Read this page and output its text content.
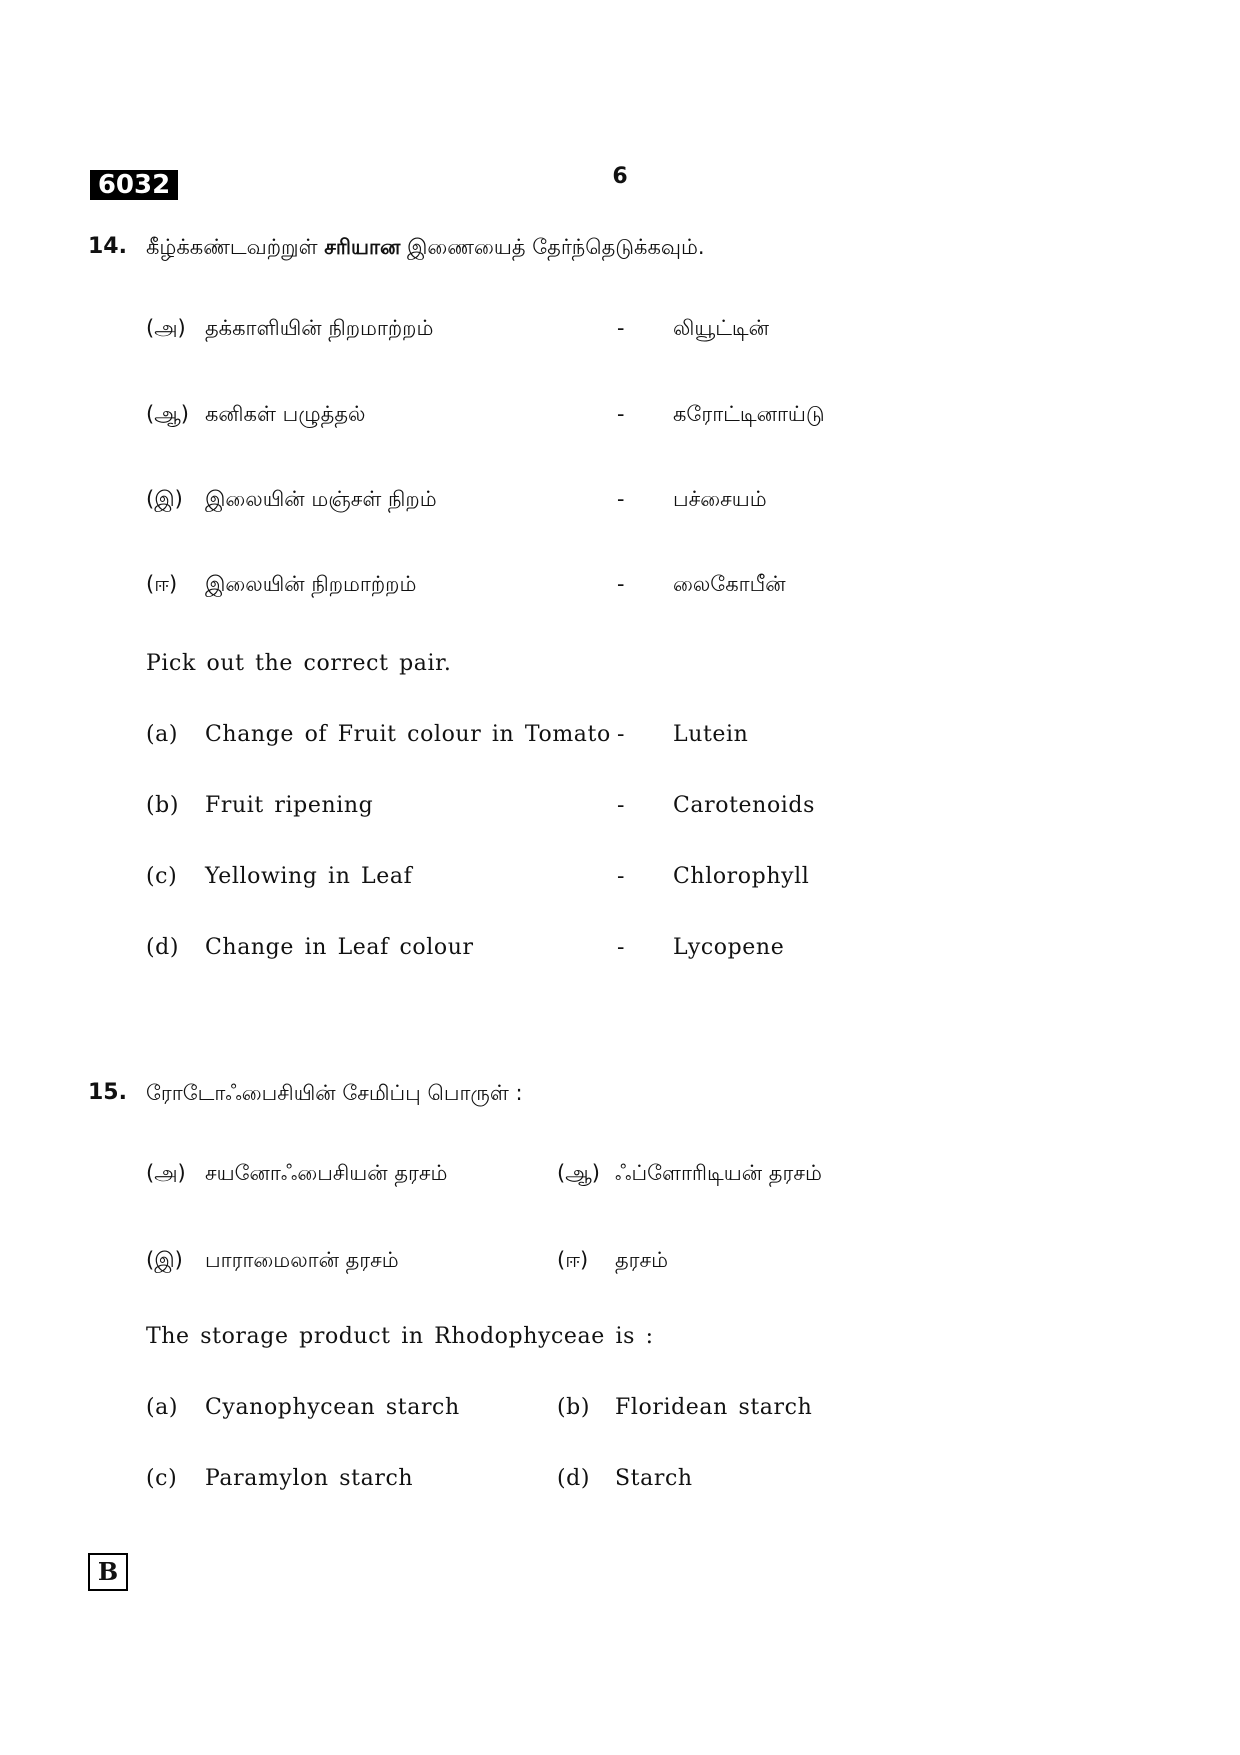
6032	6
14. கீழ்க்கண்டவற்றுள் சரியான இணையைத் தேர்ந்தெடுக்கவும்.
(அ) தக்காளியின் நிறமாற்றம்	- லியூட்டின்
(ஆ) கனிகள் பழுத்தல்	- கரோட்டினாய்டு
(இ) இலையின் மஞ்சள் நிறம்	- பச்சையம்
(ஈ) இலையின் நிறமாற்றம்	- லைகோபீன்
Pick out the correct pair.
(a) Change of Fruit colour in Tomato - Lutein
(b) Fruit ripening	- Carotenoids
(c) Yellowing in Leaf	- Chlorophyll
(d) Change in Leaf colour	- Lycopene
15. ரோடோஃபைசியின் சேமிப்பு பொருள் :
(அ) சயனோஃபைசியன் தரசம்	(ஆ) ஃப்ளோரிடியன் தரசம்
(இ) பாராமைலான் தரசம்	(ஈ) தரசம்
The storage product in Rhodophyceae is :
(a) Cyanophycean starch	(b) Floridean starch
(c) Paramylon starch	(d) Starch
B
